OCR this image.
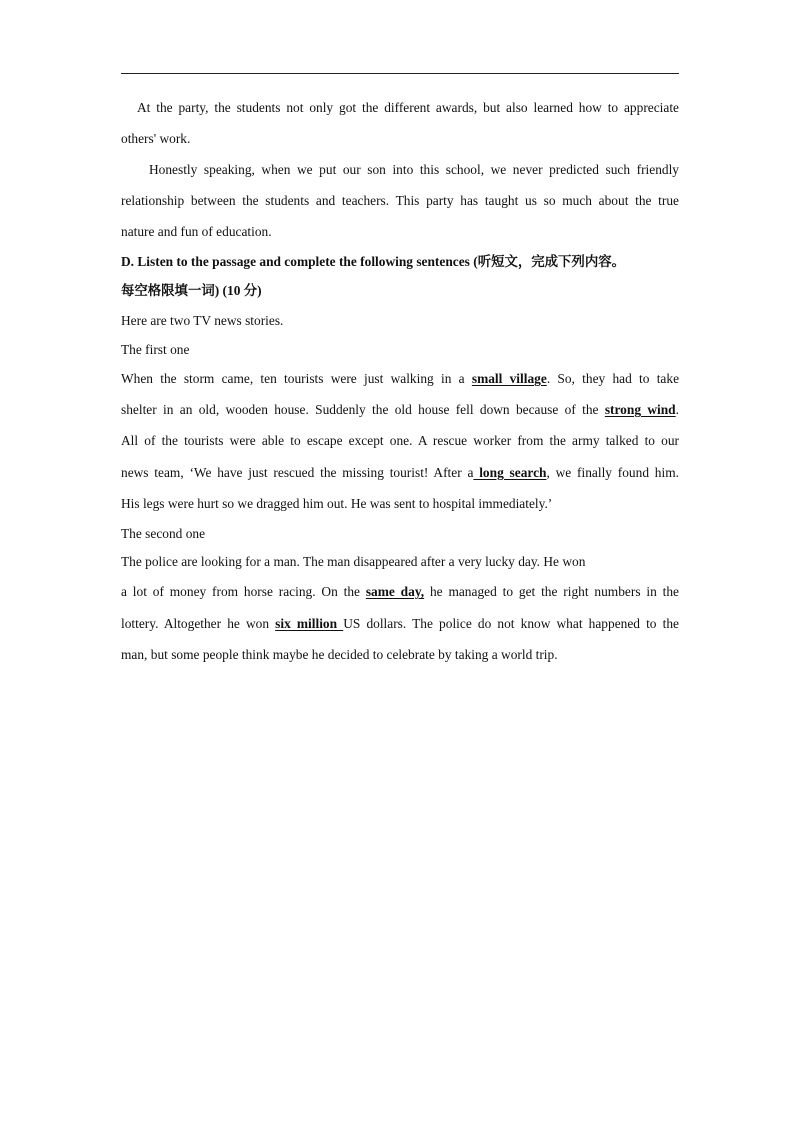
At the party, the students not only got the different awards, but also learned how to appreciate
others' work.
Honestly speaking, when we put our son into this school, we never predicted such friendly
relationship between the students and teachers. This party has taught us so much about the true
nature and fun of education.
D. Listen to the passage and complete the following sentences (听短文，完成下列内容。
每空格限填一词) (10 分)
Here are two TV news stories.
The first one
When the storm came, ten tourists were just walking in a small village. So, they had to take
shelter in an old, wooden house. Suddenly the old house fell down because of the strong wind.
All of the tourists were able to escape except one. A rescue worker from the army talked to our
news team, ‘We have just rescued the missing tourist! After a long search, we finally found him.
His legs were hurt so we dragged him out. He was sent to hospital immediately.’
The second one
The police are looking for a man. The man disappeared after a very lucky day. He won
a lot of money from horse racing. On the same day, he managed to get the right numbers in the
lottery. Altogether he won six million US dollars. The police do not know what happened to the
man, but some people think maybe he decided to celebrate by taking a world trip.
